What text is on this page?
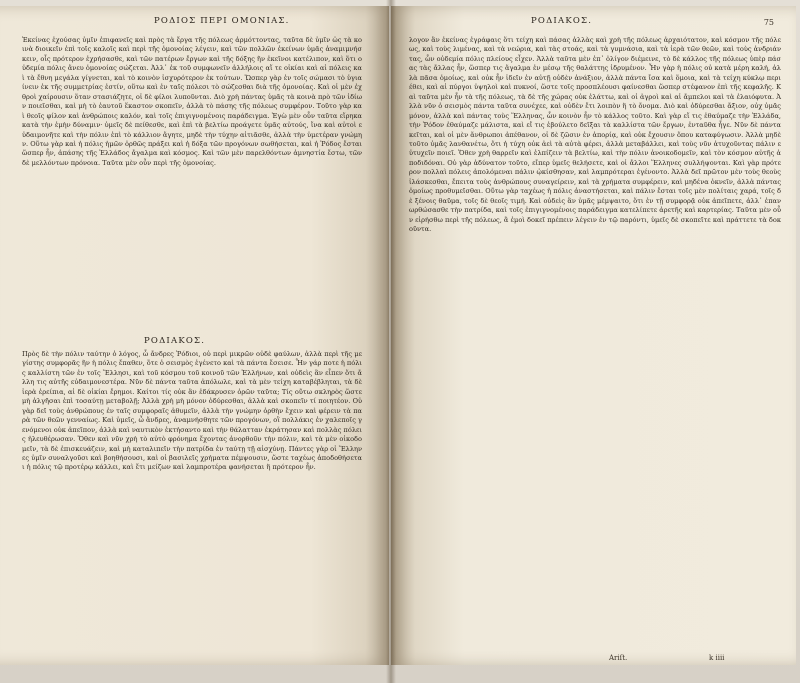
ΡΟΔΙΟΣ ΠΕΡΙ ΟΜΟΝΙΑΣ.

Ἐκείνας ἐχούσας ὑμῖν ἐπιφανεῖς καὶ πρὸς τὰ ἔργα τῆς πόλεως ἁρμόττοντας, ταῦτα δὲ ὑμῖν ὡς τὰ κοινὰ διοικεῖν ἐπὶ τοῖς καλοῖς καὶ περὶ τῆς ὁμονοίας λέγειν, καὶ τῶν πολλῶν ἐκείνων ὑμᾶς ἀναμιμνήσκειν, οἷς πρότερον ἐχρήσασθε, καὶ τῶν πατέρων ἔργων καὶ τῆς δόξης ἣν ἐκεῖνοι κατέλιπον, καὶ ὅτι οὐδεμία πόλις ἄνευ ὁμονοίας σώζεται. Ἀλλ᾽ ἐκ τοῦ συμφωνεῖν ἀλλήλοις αἵ τε οἰκίαι καὶ αἱ πόλεις καὶ τὰ ἔθνη μεγάλα γίγνεται, καὶ τὸ κοινὸν ἰσχυρότερον ἐκ τούτων. Ὥσπερ γὰρ ἐν τοῖς σώμασι τὸ ὑγιαίνειν ἐκ τῆς συμμετρίας ἐστίν, οὕτω καὶ ἐν ταῖς πόλεσι τὸ σώζεσθαι διὰ τῆς ὁμονοίας. Καὶ οἱ μὲν ἐχθροὶ χαίρουσιν ὅταν στασιάζητε, οἱ δὲ φίλοι λυποῦνται. Διὸ χρὴ πάντας ὑμᾶς τὰ κοινὰ πρὸ τῶν ἰδίων ποιεῖσθαι, καὶ μὴ τὸ ἑαυτοῦ ἕκαστον σκοπεῖν, ἀλλὰ τὸ πάσης τῆς πόλεως συμφέρον. Τοῦτο γὰρ καὶ θεοῖς φίλον καὶ ἀνθρώποις καλόν, καὶ τοῖς ἐπιγιγνομένοις παράδειγμα. Ἐγὼ μὲν οὖν ταῦτα εἴρηκα κατὰ τὴν ἐμὴν δύναμιν· ὑμεῖς δὲ πείθεσθε, καὶ ἐπὶ τὰ βελτίω προάγετε ὑμᾶς αὐτούς, ἵνα καὶ αὐτοὶ εὐδαιμονῆτε καὶ τὴν πόλιν ἐπὶ τὸ κάλλιον ἄγητε, μηδὲ τὴν τύχην αἰτιᾶσθε, ἀλλὰ τὴν ὑμετέραν γνώμην. Οὕτω γὰρ καὶ ἡ πόλις ἡμῶν ὀρθῶς πράξει καὶ ἡ δόξα τῶν προγόνων σωθήσεται, καὶ ἡ Ῥόδος ἔσται ὥσπερ ἦν, ἁπάσης τῆς Ἑλλάδος ἄγαλμα καὶ κόσμος. Καὶ τῶν μὲν παρελθόντων ἀμνηστία ἔστω, τῶν δὲ μελλόντων πρόνοια. Ταῦτα μὲν οὖν περὶ τῆς ὁμονοίας.

ΡΟΔΙΑΚΟΣ.

Πρὸς δὲ τὴν πόλιν ταύτην ὁ λόγος, ὦ ἄνδρες Ῥόδιοι, οὐ περὶ μικρῶν οὐδὲ φαύλων, ἀλλὰ περὶ τῆς μεγίστης συμφορᾶς ἣν ἡ πόλις ἔπαθεν, ὅτε ὁ σεισμὸς ἐγένετο καὶ τὰ πάντα ἔσεισε. Ἦν γάρ ποτε ἡ πόλις καλλίστη τῶν ἐν τοῖς Ἕλλησι, καὶ τοῦ κόσμου τοῦ κοινοῦ τῶν Ἑλλήνων, καὶ οὐδεὶς ἂν εἶπεν ὅτι ἄλλη τις αὐτῆς εὐδαιμονεστέρα. Νῦν δὲ πάντα ταῦτα ἀπόλωλε, καὶ τὰ μὲν τείχη καταβέβληται, τὰ δὲ ἱερὰ ἐρείπια, αἱ δὲ οἰκίαι ἔρημοι. Καίτοι τίς οὐκ ἂν ἐδάκρυσεν ὁρῶν ταῦτα; Τίς οὕτω σκληρὸς ὥστε μὴ ἀλγῆσαι ἐπὶ τοσαύτῃ μεταβολῇ; Ἀλλὰ χρὴ μὴ μόνον ὀδύρεσθαι, ἀλλὰ καὶ σκοπεῖν τί ποιητέον. Οὐ γὰρ δεῖ τοὺς ἀνθρώπους ἐν ταῖς συμφοραῖς ἀθυμεῖν, ἀλλὰ τὴν γνώμην ὀρθὴν ἔχειν καὶ φέρειν τὰ παρὰ τῶν θεῶν γενναίως. Καὶ ὑμεῖς, ὦ ἄνδρες, ἀναμνήσθητε τῶν προγόνων, οἳ πολλάκις ἐν χαλεποῖς γενόμενοι οὐκ ἀπεῖπον, ἀλλὰ καὶ ναυτικὸν ἐκτήσαντο καὶ τὴν θάλατταν ἐκράτησαν καὶ πολλὰς πόλεις ἠλευθέρωσαν. Ὅθεν καὶ νῦν χρὴ τὸ αὐτὸ φρόνημα ἔχοντας ἀνορθοῦν τὴν πόλιν, καὶ τὰ μὲν οἰκοδομεῖν, τὰ δὲ ἐπισκευάζειν, καὶ μὴ καταλιπεῖν τὴν πατρίδα ἐν ταύτῃ τῇ αἰσχύνῃ. Πάντες γὰρ οἱ Ἕλληνες ὑμῖν συναλγοῦσι καὶ βοηθήσουσι, καὶ οἱ βασιλεῖς χρήματα πέμψουσιν, ὥστε ταχέως ἀποδοθήσεται ἡ πόλις τῷ προτέρῳ κάλλει, καὶ ἔτι μείζων καὶ λαμπροτέρα φανήσεται ἢ πρότερον ἦν.

ΡΟΔΙΑΚΟΣ.	75

λογον ἂν ἐκείνας ἐγράφαις ὅτι τείχη καὶ πάσας ἀλλὰς καὶ χρὴ τῆς πόλεως ἀρχαιότατον, καὶ κόσμον τῆς πόλεως, καὶ τοὺς λιμένας, καὶ τὰ νεώρια, καὶ τὰς στοάς, καὶ τὰ γυμνάσια, καὶ τὰ ἱερὰ τῶν θεῶν, καὶ τοὺς ἀνδριάντας, ὧν οὐδεμία πόλις πλείους εἶχεν. Ἀλλὰ ταῦτα μὲν ἐπ᾽ ὀλίγον διέμεινε, τὸ δὲ κάλλος τῆς πόλεως ὑπὲρ πάσας τὰς ἄλλας ἦν, ὥσπερ τις ἄγαλμα ἐν μέσῳ τῆς θαλάττης ἱδρυμένον. Ἦν γὰρ ἡ πόλις οὐ κατὰ μέρη καλή, ἀλλὰ πᾶσα ὁμοίως, καὶ οὐκ ἦν ἰδεῖν ἐν αὐτῇ οὐδὲν ἀνάξιον, ἀλλὰ πάντα ἴσα καὶ ὅμοια, καὶ τὰ τείχη κύκλῳ περιέθει, καὶ αἱ πύργοι ὑψηλοὶ καὶ πυκνοί, ὥστε τοῖς προσπλέουσι φαίνεσθαι ὥσπερ στέφανον ἐπὶ τῆς κεφαλῆς. Καὶ ταῦτα μὲν ἦν τὰ τῆς πόλεως, τὰ δὲ τῆς χώρας οὐκ ἐλάττω, καὶ οἱ ἀγροὶ καὶ αἱ ἄμπελοι καὶ τὰ ἐλαιόφυτα. Ἀλλὰ νῦν ὁ σεισμὸς πάντα ταῦτα συνέχεε, καὶ οὐδὲν ἔτι λοιπὸν ἢ τὸ ὄνομα. Διὸ καὶ ὀδύρεσθαι ἄξιον, οὐχ ὑμᾶς μόνον, ἀλλὰ καὶ πάντας τοὺς Ἕλληνας, ὧν κοινὸν ἦν τὸ κάλλος τοῦτο. Καὶ γὰρ εἴ τις ἐθαύμαζε τὴν Ἑλλάδα, τὴν Ῥόδον ἐθαύμαζε μάλιστα, καὶ εἴ τις ἐβούλετο δεῖξαι τὰ καλλίστα τῶν ἔργων, ἐνταῦθα ἦγε. Νῦν δὲ πάντα κεῖται, καὶ οἱ μὲν ἄνθρωποι ἀπέθανον, οἱ δὲ ζῶσιν ἐν ἀπορίᾳ, καὶ οὐκ ἔχουσιν ὅπου καταφύγωσιν. Ἀλλὰ μηδὲ τοῦτο ὑμᾶς λανθανέτω, ὅτι ἡ τύχη οὐκ ἀεὶ τὰ αὐτὰ φέρει, ἀλλὰ μεταβάλλει, καὶ τοὺς νῦν ἀτυχοῦντας πάλιν εὐτυχεῖν ποιεῖ. Ὅθεν χρὴ θαρρεῖν καὶ ἐλπίζειν τὰ βελτίω, καὶ τὴν πόλιν ἀνοικοδομεῖν, καὶ τὸν κόσμον αὐτῆς ἀποδιδόναι. Οὐ γὰρ ἀδύνατον τοῦτο, εἴπερ ὑμεῖς θελήσετε, καὶ οἱ ἄλλοι Ἕλληνες συλλήψονται. Καὶ γὰρ πρότερον πολλαὶ πόλεις ἀπολόμεναι πάλιν ᾠκίσθησαν, καὶ λαμπρότεραι ἐγένοντο. Ἀλλὰ δεῖ πρῶτον μὲν τοὺς θεοὺς ἱλάσκεσθαι, ἔπειτα τοὺς ἀνθρώπους συναγείρειν, καὶ τὰ χρήματα συμφέρειν, καὶ μηδένα ὀκνεῖν, ἀλλὰ πάντας ὁμοίως προθυμεῖσθαι. Οὕτω γὰρ ταχέως ἡ πόλις ἀναστήσεται, καὶ πάλιν ἔσται τοῖς μὲν πολίταις χαρά, τοῖς δὲ ξένοις θαῦμα, τοῖς δὲ θεοῖς τιμή. Καὶ οὐδεὶς ἂν ὑμᾶς μέμψαιτο, ὅτι ἐν τῇ συμφορᾷ οὐκ ἀπεῖπετε, ἀλλ᾽ ἐπανωρθώσασθε τὴν πατρίδα, καὶ τοῖς ἐπιγιγνομένοις παράδειγμα κατελίπετε ἀρετῆς καὶ καρτερίας. Ταῦτα μὲν οὖν εἰρήσθω περὶ τῆς πόλεως, ἃ ἐμοὶ δοκεῖ πρέπειν λέγειν ἐν τῷ παρόντι, ὑμεῖς δὲ σκοπεῖτε καὶ πράττετε τὰ δοκοῦντα.

Ariſt.	k iiii
